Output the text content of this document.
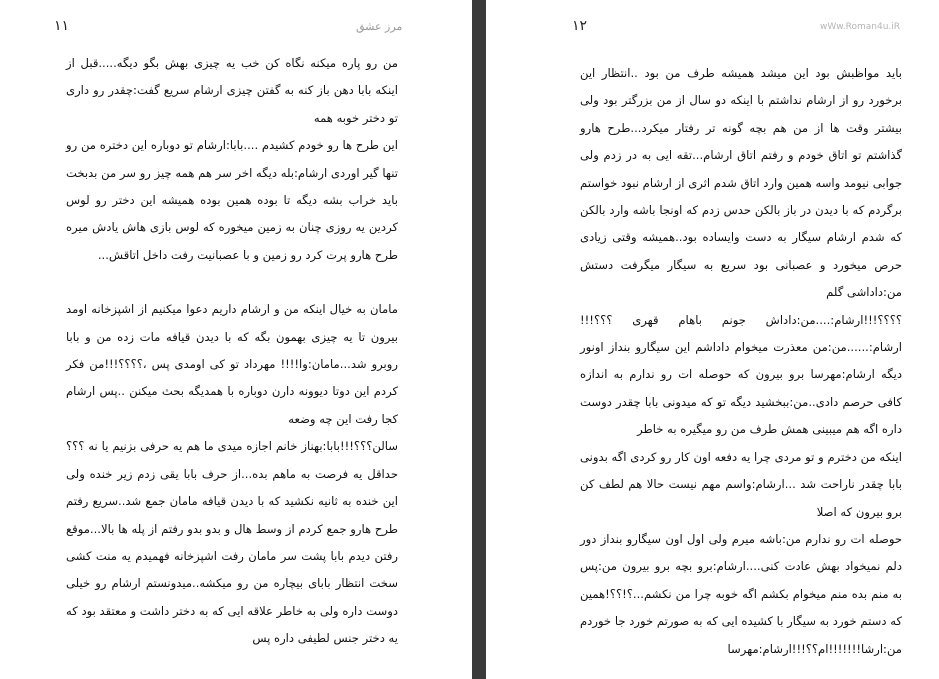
۱۱	مرز عشق

من رو پاره میکنه نگاه کن خب یه چیزی بهش بگو دیگه.....قبل از اینکه بابا دهن باز کنه به گفتن چیزی ارشام سریع گفت:چقدر رو داری تو دختر خوبه همه

این طرح ها رو خودم کشیدم ....بابا:ارشام تو دوباره این دختره من رو تنها گیر اوردی ارشام:بله دیگه اخر سر هم همه چیز رو سر من بدبخت باید خراب بشه دیگه تا بوده همین بوده همیشه این دختر رو لوس کردین یه روزی چنان به زمین میخوره که لوس بازی هاش یادش میره طرح هارو پرت کرد رو زمین و با عصبانیت رفت داخل اتاقش...

مامان به خیال اینکه من و ارشام داریم دعوا میکنیم از اشپزخانه اومد بیرون تا یه چیزی بهمون بگه که با دیدن قیافه مات زده من و بابا روبرو شد...مامان:وا!!!! مهرداد تو کی اومدی پس ،؟؟؟؟!!!من فکر کردم این دوتا دیوونه دارن دوباره با همدیگه بحث میکنن ..پس ارشام کجا رفت این چه وضعه

سالن؟؟؟!!!بابا:بهناز خانم اجازه میدی ما هم یه حرفی بزنیم یا نه ؟؟؟حداقل یه فرصت به ماهم بده...از حرف بابا یقی زدم زیر خنده ولی این خنده به ثانیه نکشید که با دیدن قیافه مامان جمع شد..سریع رفتم طرح هارو جمع کردم از وسط هال و بدو بدو رفتم از پله ها بالا...موقع رفتن دیدم بابا پشت سر مامان رفت اشپزخانه فهمیدم یه منت کشی سخت انتظار بابای بیچاره من رو میکشه..میدونستم ارشام رو خیلی دوست داره ولی به خاطر علاقه ایی که به دختر داشت و معتقد بود که یه دختر جنس لطیفی داره پس

۱۲	wWw.Roman4u.iR

باید مواظبش بود این میشد همیشه طرف من بود ..انتظار این برخورد رو از ارشام نداشتم با اینکه دو سال از من بزرگتر بود ولی بیشتر وقت ها از من هم بچه گونه تر رفتار میکرد...طرح هارو گذاشتم تو اتاق خودم و رفتم اتاق ارشام...تقه ایی به در زدم ولی جوابی نیومد واسه همین وارد اتاق شدم اثری از ارشام نبود خواستم برگردم که با دیدن در باز بالکن حدس زدم که اونجا باشه وارد بالکن که شدم ارشام سیگار به دست وایساده بود..همیشه وقتی زیادی حرص میخورد و عصبانی بود سریع به سیگار میگرفت دستش من:داداشی گلم

؟؟؟؟!!!ارشام:....من:داداش جونم باهام قهری ؟؟؟!!!ارشام:......من:من معذرت میخوام داداشم این سیگارو بنداز اونور دیگه ارشام:مهرسا برو بیرون که حوصله ات رو ندارم به اندازه کافی حرصم دادی..من:ببخشید دیگه تو که میدونی بابا چقدر دوست داره اگه هم میبینی همش طرف من رو میگیره به خاطر

اینکه من دخترم و تو مردی چرا یه دفعه اون کار رو کردی اگه بدونی بابا چقدر ناراحت شد ...ارشام:واسم مهم نیست حالا هم لطف کن برو بیرون که اصلا

حوصله ات رو ندارم من:باشه میرم ولی اول اون سیگارو بنداز دور دلم نمیخواد بهش عادت کنی....ارشام:برو بچه برو بیرون من:پس به منم بده منم میخوام بکشم اگه خوبه چرا من نکشم...؟!؟؟!همین که دستم خورد به سیگار با کشیده ایی که به صورتم خورد جا خوردم من:ارشا!!!!!!!ام؟؟!!!ارشام:مهرسا
